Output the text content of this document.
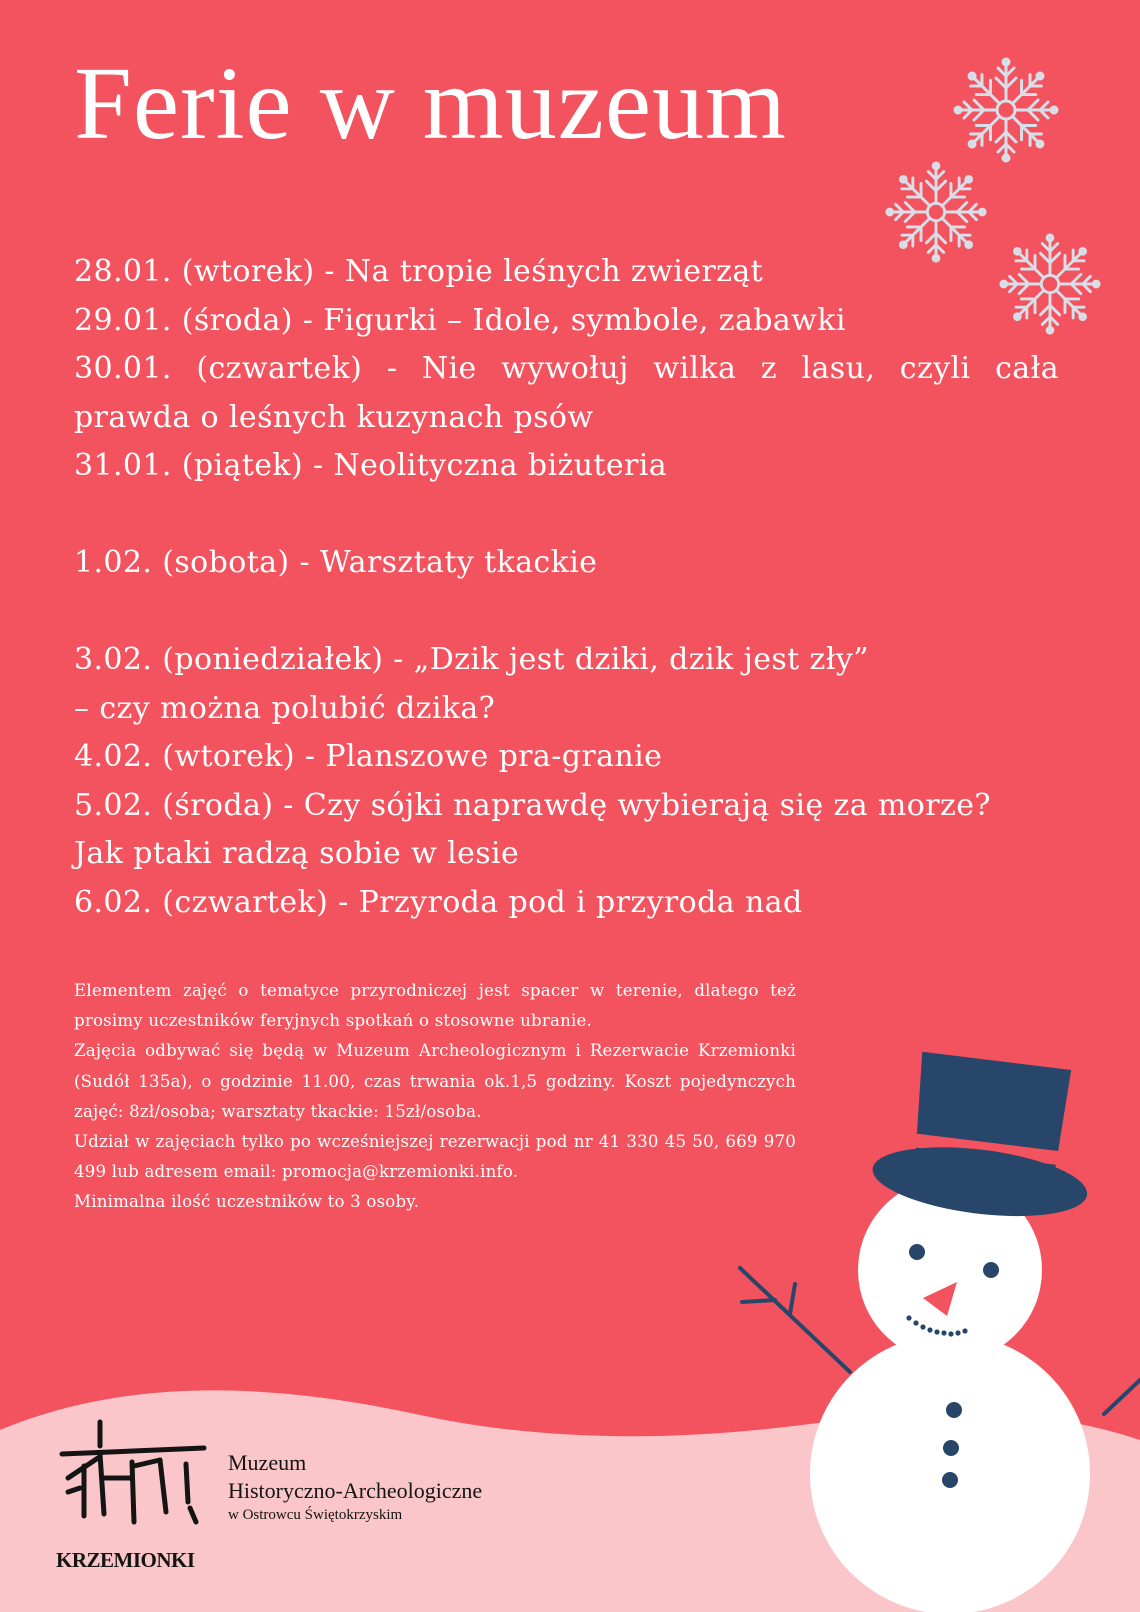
Ferie w muzeum
28.01. (wtorek) - Na tropie leśnych zwierząt
29.01. (środa) - Figurki – Idole, symbole, zabawki
30.01. (czwartek) - Nie wywołuj wilka z lasu, czyli cała
prawda o leśnych kuzynach psów
31.01. (piątek) - Neolityczna biżuteria
1.02. (sobota) - Warsztaty tkackie
3.02. (poniedziałek) - „Dzik jest dziki, dzik jest zły”
– czy można polubić dzika?
4.02. (wtorek) - Planszowe pra-granie
5.02. (środa) - Czy sójki naprawdę wybierają się za morze?
Jak ptaki radzą sobie w lesie
6.02. (czwartek) - Przyroda pod i przyroda nad

Elementem zajęć o tematyce przyrodniczej jest spacer w terenie, dlatego też prosimy uczestników feryjnych spotkań o stosowne ubranie.

Zajęcia odbywać się będą w Muzeum Archeologicznym i Rezerwacie Krzemionki (Sudół 135a), o godzinie 11.00, czas trwania ok.1,5 godziny. Koszt pojedynczych zajęć: 8zł/osoba; warsztaty tkackie: 15zł/osoba.

Udział w zajęciach tylko po wcześniejszej rezerwacji pod nr 41 330 45 50, 669 970 499 lub adresem email: promocja@krzemionki.info.

Minimalna ilość uczestników to 3 osoby.

KRZEMIONKI
Muzeum
Historyczno-Archeologiczne
w Ostrowcu Świętokrzyskim
